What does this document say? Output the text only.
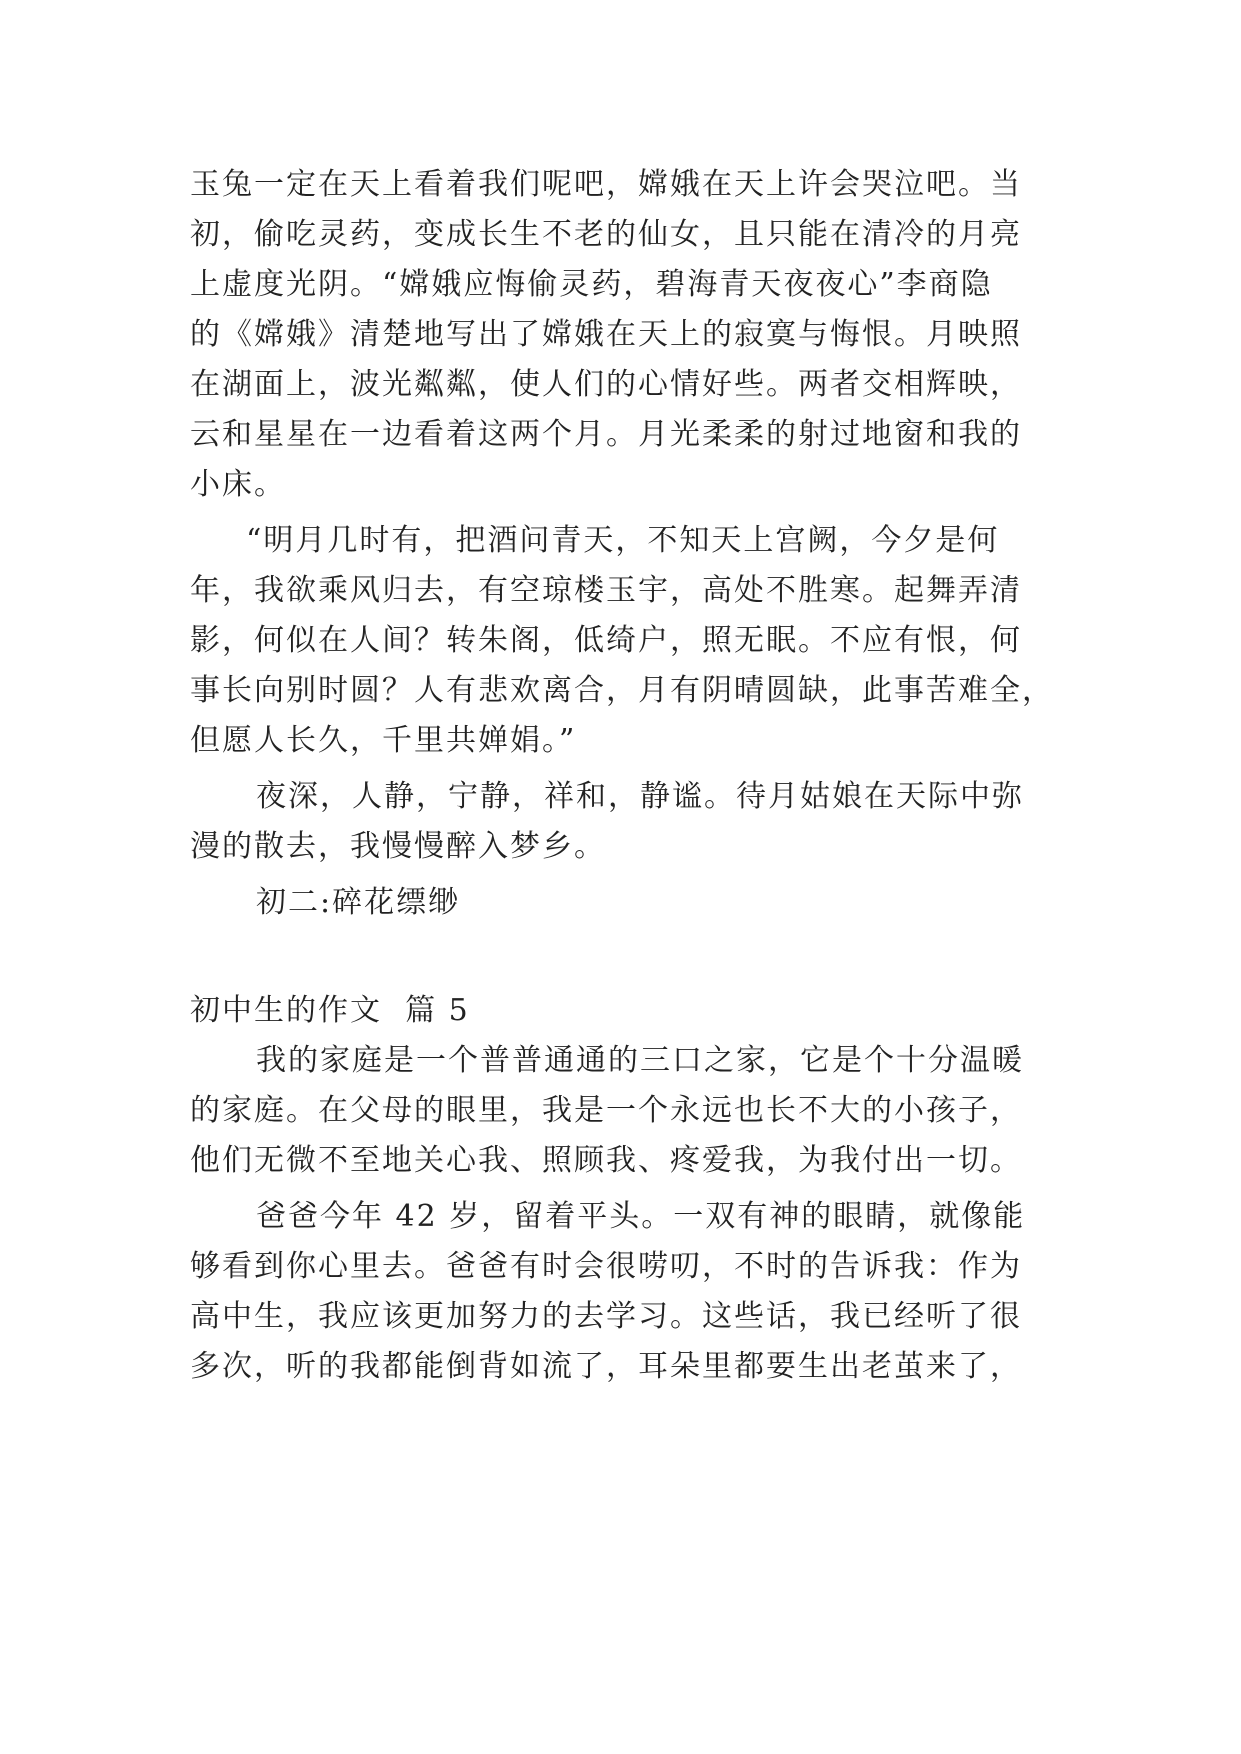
玉兔一定在天上看着我们呢吧，嫦娥在天上许会哭泣吧。当
初，偷吃灵药，变成长生不老的仙女，且只能在清冷的月亮
上虚度光阴。“嫦娥应悔偷灵药，碧海青天夜夜心”李商隐
的《嫦娥》清楚地写出了嫦娥在天上的寂寞与悔恨。月映照
在湖面上，波光粼粼，使人们的心情好些。两者交相辉映，
云和星星在一边看着这两个月。月光柔柔的射过地窗和我的
小床。
“明月几时有，把酒问青天，不知天上宫阙，今夕是何
年，我欲乘风归去，有空琼楼玉宇，高处不胜寒。起舞弄清
影，何似在人间？转朱阁，低绮户，照无眠。不应有恨，何
事长向别时圆？人有悲欢离合，月有阴晴圆缺，此事苦难全，
但愿人长久，千里共婵娟。”
夜深，人静，宁静，祥和，静谧。待月姑娘在天际中弥
漫的散去，我慢慢醉入梦乡。
初二:碎花缥缈
初中生的作文  篇 5
我的家庭是一个普普通通的三口之家，它是个十分温暖
的家庭。在父母的眼里，我是一个永远也长不大的小孩子，
他们无微不至地关心我、照顾我、疼爱我，为我付出一切。
爸爸今年 42 岁，留着平头。一双有神的眼睛，就像能
够看到你心里去。爸爸有时会很唠叨，不时的告诉我：作为
高中生，我应该更加努力的去学习。这些话，我已经听了很
多次，听的我都能倒背如流了，耳朵里都要生出老茧来了，
